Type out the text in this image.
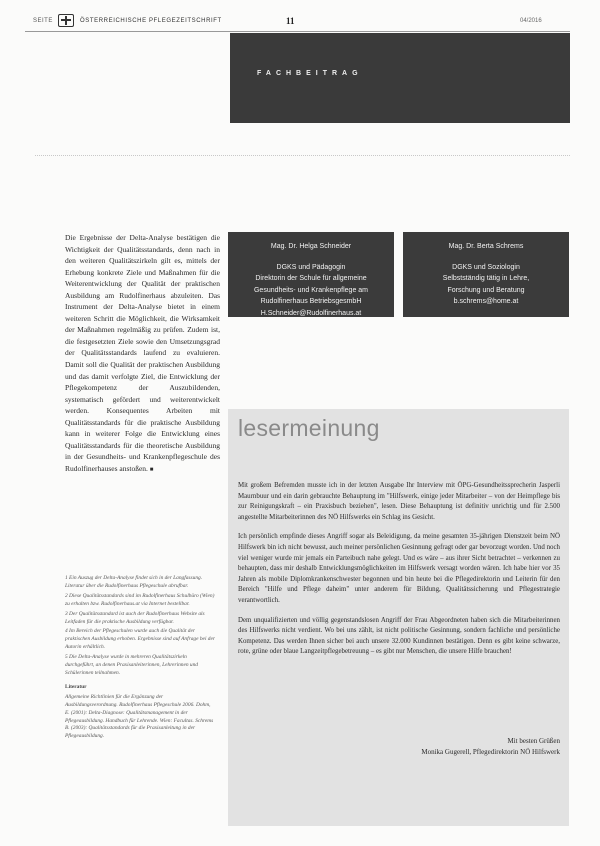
SEITE	ÖSTERREICHISCHE PFLEGEZEITSCHRIFT	11	04/2016
FACHBEITRAG
Die Ergebnisse der Delta-Analyse bestätigen die Wichtigkeit der Qualitätsstandards, denn nach in den weiteren Qualitätszirkeln gilt es, mittels der Erhebung konkrete Ziele und Maßnahmen für die Weiterentwicklung der Qualität der praktischen Ausbildung am Rudolfinerhaus abzuleiten. Das Instrument der Delta-Analyse bietet in einem weiteren Schritt die Möglichkeit, die Wirksamkeit der Maßnahmen regelmäßig zu prüfen. Zudem ist, die festgesetzten Ziele sowie den Umsetzungsgrad der Qualitätsstandards laufend zu evaluieren. Damit soll die Qualität der praktischen Ausbildung und das damit verfolgte Ziel, die Entwicklung der Pflegekompetenz der Auszubildenden, systematisch gefördert und weiterentwickelt werden. Konsequentes Arbeiten mit Qualitätsstandards für die praktische Ausbildung kann in weiterer Folge die Entwicklung eines Qualitätsstandards für die theoretische Ausbildung in der Gesundheits- und Krankenpflegeschule des Rudolfinerhauses anstoßen. ■
Mag. Dr. Helga Schneider
DGKS und Pädagogin
Direktorin der Schule für allgemeine
Gesundheits- und Krankenpflege am
Rudolfinerhaus BetriebsgesmbH
H.Schneider@Rudolfinerhaus.at
Mag. Dr. Berta Schrems
DGKS und Soziologin
Selbstständig tätig in Lehre,
Forschung und Beratung
b.schrems@home.at
lesermeinung

Mit großem Befremden musste ich in der letzten Ausgabe Ihr Interview mit ÖPG-Gesundheitssprecherin Jasperli Maurnbuur und ein darin gebrauchte Behauptung im "Hilfswerk, einige jeder Mitarbeiter – von der Heimpflege bis zur Reinigungskraft – ein Praxisbuch beziehen", lesen. Diese Behauptung ist definitiv unrichtig und für 2.500 angestellte Mitarbeiterinnen des NÖ Hilfswerks ein Schlag ins Gesicht.

Ich persönlich empfinde dieses Angriff sogar als Beleidigung, da meine gesamten 35-jährigen Dienstzeit beim NÖ Hilfswerk bin ich nicht bewusst, auch meiner persönlichen Gesinnung gefragt oder gar bevorzugt worden. Und noch viel weniger wurde mir jemals ein Parteibuch nahe gelegt. Und es wäre – aus ihrer Sicht betrachtet – verkennen zu behaupten, dass mir deshalb Entwicklungsmöglichkeiten im Hilfswerk versagt worden wären. Ich habe hier vor 35 Jahren als mobile Diplomkrankenschwester begonnen und bin heute bei die Pflegedirektorin und Leiterin für den Bereich "Hilfe und Pflege daheim" unter anderem für Bildung, Qualitätssicherung und Pflegestrategie verantwortlich.

Dem unqualifizierten und völlig gegenstandslosen Angriff der Frau Abgeordneten haben sich die Mitarbeiterinnen des Hilfswerks nicht verdient. Wo bei uns zählt, ist nicht politische Gesinnung, sondern fachliche und persönliche Kompetenz. Das werden Ihnen sicher bei auch unsere 32.000 Kundinnen bestätigen. Denn es gibt keine schwarze, rote, grüne oder blaue Langzeitpflegebetreuung – es gibt nur Menschen, die unsere Hilfe brauchen!

Mit besten Grüßen
Monika Gugerell, Pflegedirektorin NÖ Hilfswerk

1 Ein Auszug der Delta-Analyse findet sich in der Langfassung. Literatur über die Rudolfinerhaus Pflegeschule abrufbar.

2 Diese Qualitätsstandards sind im Rudolfinerhaus Schulbüro (Wien) zu erhalten bzw. Rudolfinerhaus.at via Internet bestellbar.

3 Der Qualitätsstandard ist auch der Rudolfinerhaus Website als Leitfaden für die praktische Ausbildung verfügbar.

4 Im Bereich der Pflegeschulen wurde auch die Qualität der praktischen Ausbildung erhoben. Ergebnisse sind auf Anfrage bei der Autorin erhältlich.

5 Die Delta-Analyse wurde in mehreren Qualitätszirkeln durchgeführt, an denen Praxisanleiterinnen, Lehrerinnen und Schülerinnen teilnahmen.

Literatur

Allgemeine Richtlinien für die Ergänzung der Ausbildungsverordnung. Rudolfinerhaus Pflegeschule 2006. Dohm, E. (2001): Delta-Diagnose: Qualitätsmanagement in der Pflegeausbildung. Handbuch für Lehrende. Wien: Facultas. Schrems B. (2003): Qualitätsstandards für die Praxisanleitung in der Pflegeausbildung.
